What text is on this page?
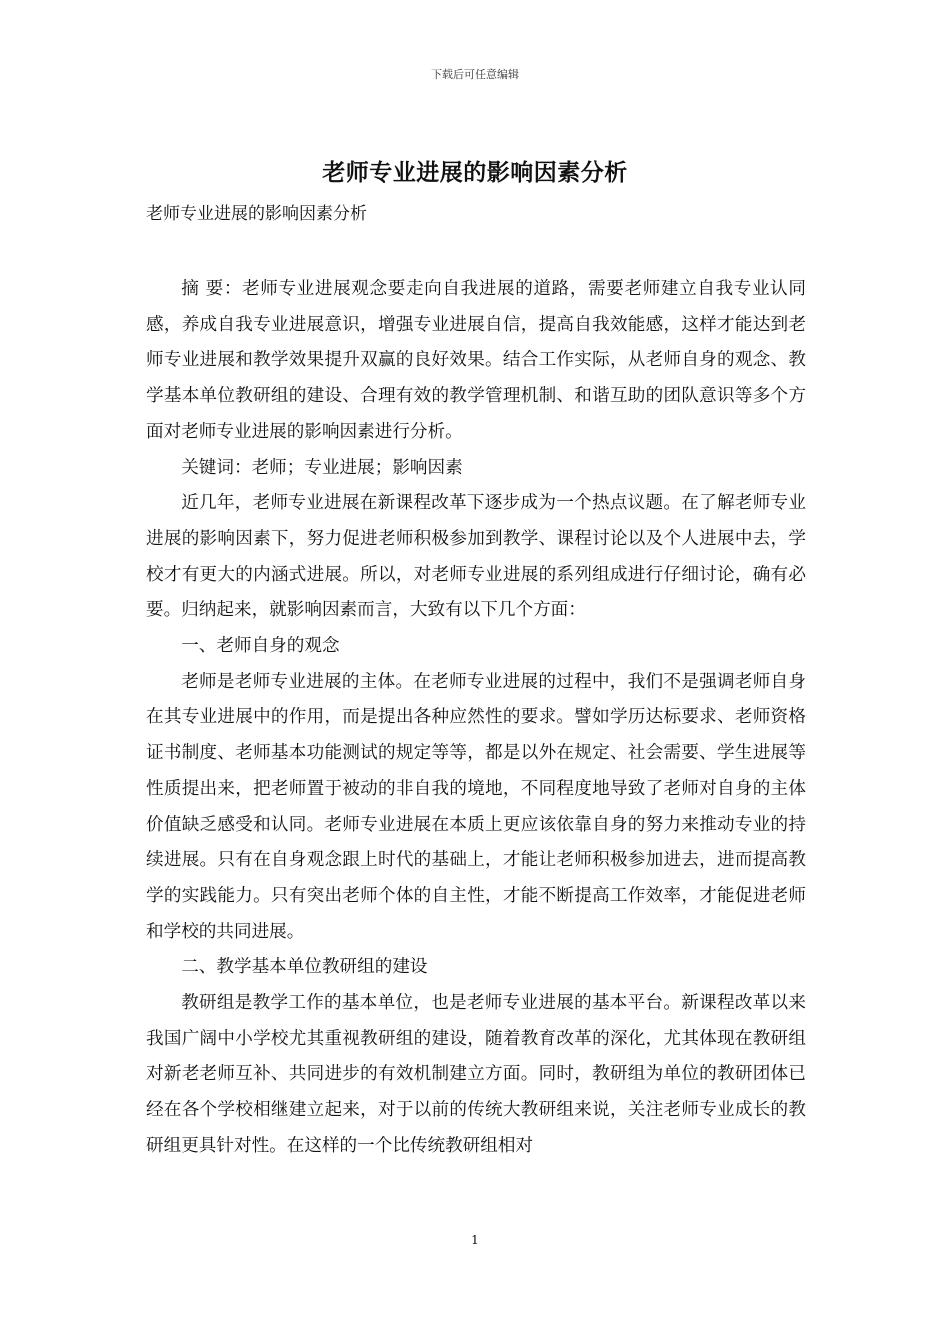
下载后可任意编辑
老师专业进展的影响因素分析
老师专业进展的影响因素分析

摘 要：老师专业进展观念要走向自我进展的道路，需要老师建立自我专业认同感，养成自我专业进展意识，增强专业进展自信，提高自我效能感，这样才能达到老师专业进展和教学效果提升双赢的良好效果。结合工作实际，从老师自身的观念、教学基本单位教研组的建设、合理有效的教学管理机制、和谐互助的团队意识等多个方面对老师专业进展的影响因素进行分析。

关键词：老师；专业进展；影响因素

近几年，老师专业进展在新课程改革下逐步成为一个热点议题。在了解老师专业进展的影响因素下，努力促进老师积极参加到教学、课程讨论以及个人进展中去，学校才有更大的内涵式进展。所以，对老师专业进展的系列组成进行仔细讨论，确有必要。归纳起来，就影响因素而言，大致有以下几个方面：

一、老师自身的观念

老师是老师专业进展的主体。在老师专业进展的过程中，我们不是强调老师自身在其专业进展中的作用，而是提出各种应然性的要求。譬如学历达标要求、老师资格证书制度、老师基本功能测试的规定等等，都是以外在规定、社会需要、学生进展等性质提出来，把老师置于被动的非自我的境地，不同程度地导致了老师对自身的主体价值缺乏感受和认同。老师专业进展在本质上更应该依靠自身的努力来推动专业的持续进展。只有在自身观念跟上时代的基础上，才能让老师积极参加进去，进而提高教学的实践能力。只有突出老师个体的自主性，才能不断提高工作效率，才能促进老师和学校的共同进展。

二、教学基本单位教研组的建设

教研组是教学工作的基本单位，也是老师专业进展的基本平台。新课程改革以来我国广阔中小学校尤其重视教研组的建设，随着教育改革的深化，尤其体现在教研组对新老老师互补、共同进步的有效机制建立方面。同时，教研组为单位的教研团体已经在各个学校相继建立起来，对于以前的传统大教研组来说，关注老师专业成长的教研组更具针对性。在这样的一个比传统教研组相对

1
